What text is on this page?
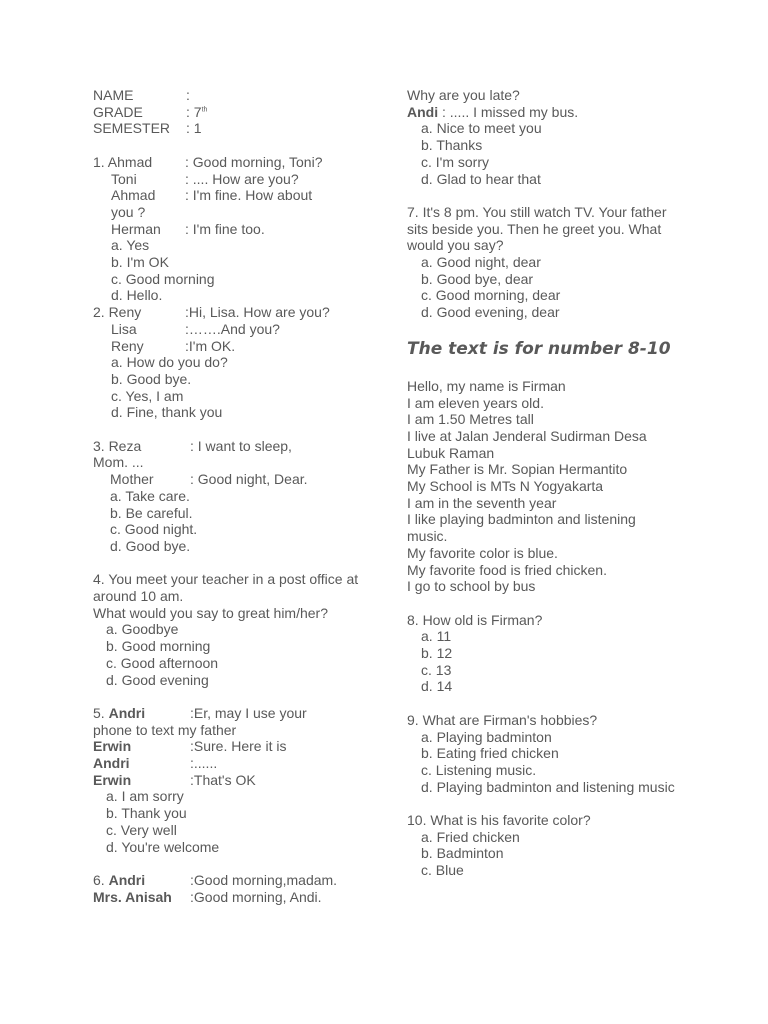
NAME	:
GRADE	: 7th
SEMESTER	: 1
1. Ahmad	: Good morning, Toni?
Toni	: .... How are you?
Ahmad	: I'm fine. How about
you ?
Herman	: I'm fine too.
a. Yes
b. I'm OK
c. Good morning
d. Hello.
2. Reny	:Hi, Lisa. How are you?
Lisa	:…….And you?
Reny	:I'm OK.
a. How do you do?
b. Good bye.
c. Yes, I am
d. Fine, thank you
3. Reza	: I want to sleep,
Mom. ...
Mother	: Good night, Dear.
a. Take care.
b. Be careful.
c. Good night.
d. Good bye.
4. You meet your teacher in a post office at around 10 am.
What would you say to great him/her?
a. Goodbye
b. Good morning
c. Good afternoon
d. Good evening
5. Andri	:Er, may I use your
phone to text my father
Erwin	:Sure. Here it is
Andri	:......
Erwin	:That's OK
a. I am sorry
b. Thank you
c. Very well
d. You're welcome
6. Andri	:Good morning,madam.
Mrs. Anisah	:Good morning, Andi.
Why are you late?
Andi : ..... I missed my bus.
a. Nice to meet you
b. Thanks
c. I'm sorry
d. Glad to hear that
7. It's 8 pm. You still watch TV. Your father sits beside you. Then he greet you. What would you say?
a. Good night, dear
b. Good bye, dear
c. Good morning, dear
d. Good evening, dear
The text is for number 8-10
Hello, my name is Firman
I am eleven years old.
I am 1.50 Metres tall
I live at Jalan Jenderal Sudirman Desa Lubuk Raman
My Father is Mr. Sopian Hermantito
My School is MTs N Yogyakarta
I am in the seventh year
I like playing badminton and listening music.
My favorite color is blue.
My favorite food is fried chicken.
I go to school by bus
8. How old is Firman?
a. 11
b. 12
c. 13
d. 14
9. What are Firman's hobbies?
a. Playing badminton
b. Eating fried chicken
c. Listening music.
d. Playing badminton and listening music
10. What is his favorite color?
a. Fried chicken
b. Badminton
c. Blue
